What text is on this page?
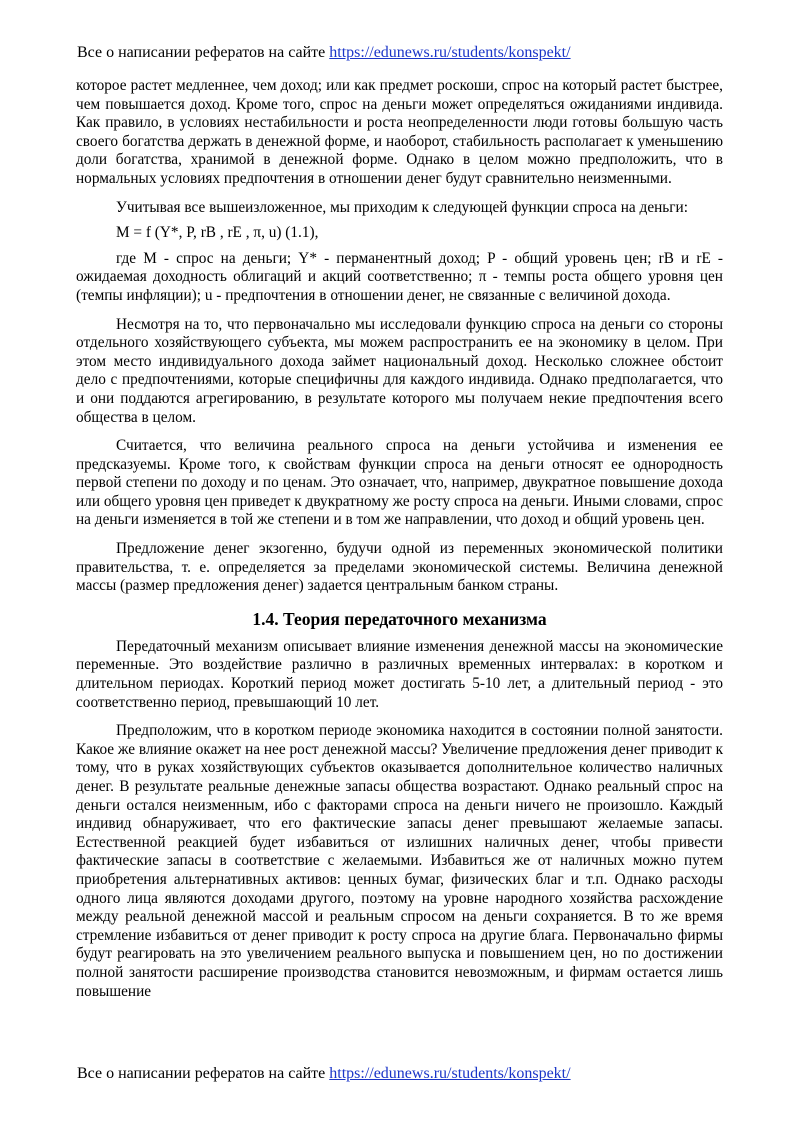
Все о написании рефератов на сайте https://edunews.ru/students/konspekt/

которое растет медленнее, чем доход; или как предмет роскоши, спрос на который растет быстрее, чем повышается доход. Кроме того, спрос на деньги может определяться ожиданиями индивида. Как правило, в условиях нестабильности и роста неопределенности люди готовы большую часть своего богатства держать в денежной форме, и наоборот, стабильность располагает к уменьшению доли богатства, хранимой в денежной форме. Однако в целом можно предположить, что в нормальных условиях предпочтения в отношении денег будут сравнительно неизменными.

Учитывая все вышеизложенное, мы приходим к следующей функции спроса на деньги:

M = f (Y*, P, rB , rE , π, u) (1.1),

где M - спрос на деньги; Y* - перманентный доход; P - общий уровень цен; rB и rE - ожидаемая доходность облигаций и акций соответственно; π - темпы роста общего уровня цен (темпы инфляции); u - предпочтения в отношении денег, не связанные с величиной дохода.

Несмотря на то, что первоначально мы исследовали функцию спроса на деньги со стороны отдельного хозяйствующего субъекта, мы можем распространить ее на экономику в целом. При этом место индивидуального дохода займет национальный доход. Несколько сложнее обстоит дело с предпочтениями, которые специфичны для каждого индивида. Однако предполагается, что и они поддаются агрегированию, в результате которого мы получаем некие предпочтения всего общества в целом.

Считается, что величина реального спроса на деньги устойчива и изменения ее предсказуемы. Кроме того, к свойствам функции спроса на деньги относят ее однородность первой степени по доходу и по ценам. Это означает, что, например, двукратное повышение дохода или общего уровня цен приведет к двукратному же росту спроса на деньги. Иными словами, спрос на деньги изменяется в той же степени и в том же направлении, что доход и общий уровень цен.

Предложение денег экзогенно, будучи одной из переменных экономической политики правительства, т. е. определяется за пределами экономической системы. Величина денежной массы (размер предложения денег) задается центральным банком страны.

1.4. Теория передаточного механизма

Передаточный механизм описывает влияние изменения денежной массы на экономические переменные. Это воздействие различно в различных временных интервалах: в коротком и длительном периодах. Короткий период может достигать 5-10 лет, а длительный период - это соответственно период, превышающий 10 лет.

Предположим, что в коротком периоде экономика находится в состоянии полной занятости. Какое же влияние окажет на нее рост денежной массы? Увеличение предложения денег приводит к тому, что в руках хозяйствующих субъектов оказывается дополнительное количество наличных денег. В результате реальные денежные запасы общества возрастают. Однако реальный спрос на деньги остался неизменным, ибо с факторами спроса на деньги ничего не произошло. Каждый индивид обнаруживает, что его фактические запасы денег превышают желаемые запасы. Естественной реакцией будет избавиться от излишних наличных денег, чтобы привести фактические запасы в соответствие с желаемыми. Избавиться же от наличных можно путем приобретения альтернативных активов: ценных бумаг, физических благ и т.п. Однако расходы одного лица являются доходами другого, поэтому на уровне народного хозяйства расхождение между реальной денежной массой и реальным спросом на деньги сохраняется. В то же время стремление избавиться от денег приводит к росту спроса на другие блага. Первоначально фирмы будут реагировать на это увеличением реального выпуска и повышением цен, но по достижении полной занятости расширение производства становится невозможным, и фирмам остается лишь повышение

Все о написании рефератов на сайте https://edunews.ru/students/konspekt/
